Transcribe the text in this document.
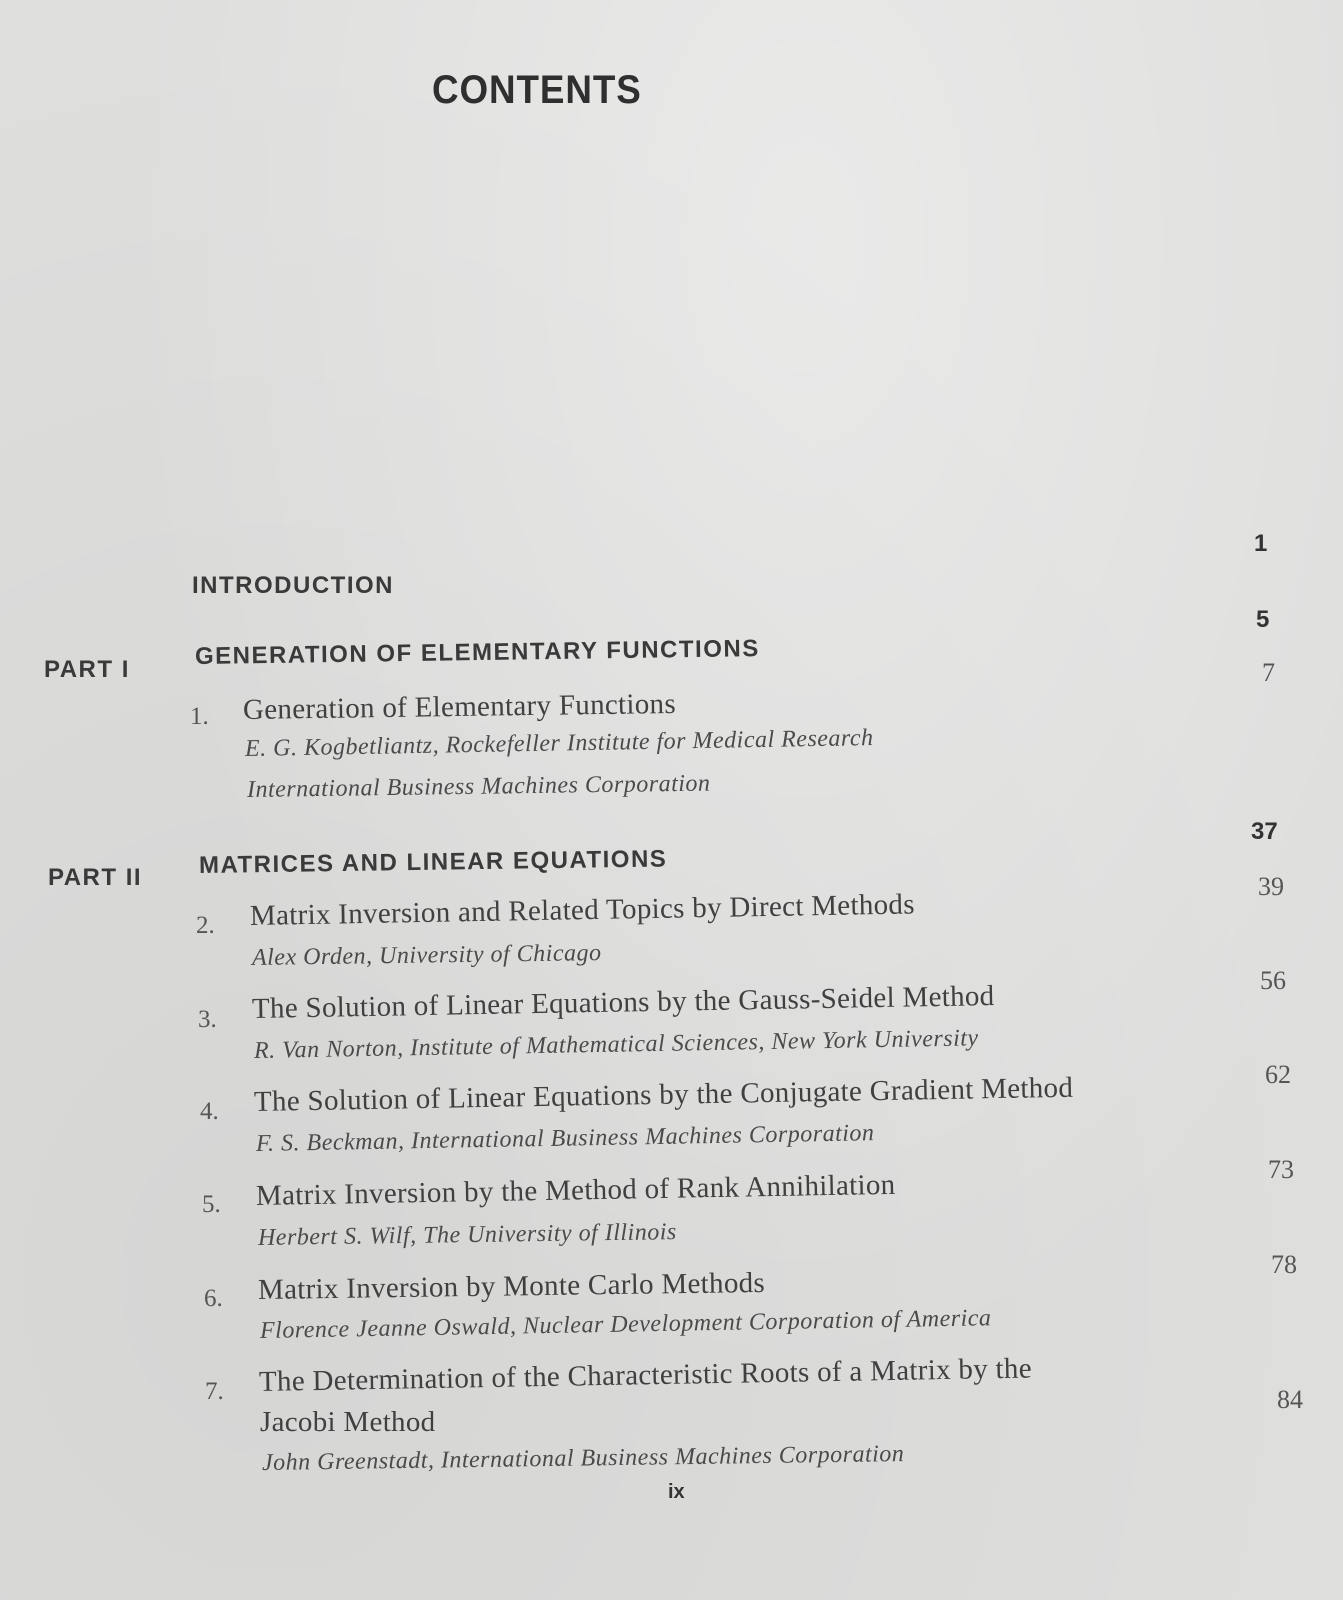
CONTENTS
1
INTRODUCTION
5
PART I	GENERATION OF ELEMENTARY FUNCTIONS
7
1. Generation of Elementary Functions
E. G. Kogbetliantz, Rockefeller Institute for Medical Research
International Business Machines Corporation
37
PART II MATRICES AND LINEAR EQUATIONS
39
2. Matrix Inversion and Related Topics by Direct Methods
Alex Orden, University of Chicago
56
3. The Solution of Linear Equations by the Gauss-Seidel Method
R. Van Norton, Institute of Mathematical Sciences, New York University
62
4. The Solution of Linear Equations by the Conjugate Gradient Method
F. S. Beckman, International Business Machines Corporation
73
5. Matrix Inversion by the Method of Rank Annihilation
Herbert S. Wilf, The University of Illinois
78
6. Matrix Inversion by Monte Carlo Methods
Florence Jeanne Oswald, Nuclear Development Corporation of America
7. The Determination of the Characteristic Roots of a Matrix by the
Jacobi Method
84
John Greenstadt, International Business Machines Corporation
ix
